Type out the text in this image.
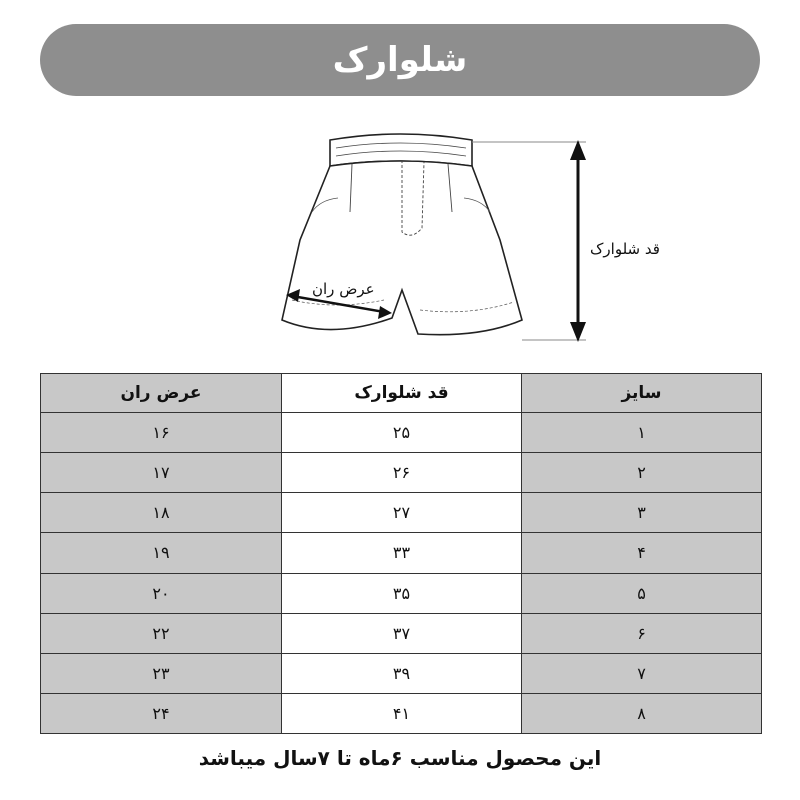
شلوارک
قد شلوارک
عرض ران
سایز	قد شلوارک	عرض ران
۱	۲۵	۱۶
۲	۲۶	۱۷
۳	۲۷	۱۸
۴	۳۳	۱۹
۵	۳۵	۲۰
۶	۳۷	۲۲
۷	۳۹	۲۳
۸	۴۱	۲۴
این محصول مناسب ۶ماه تا ۷سال میباشد
